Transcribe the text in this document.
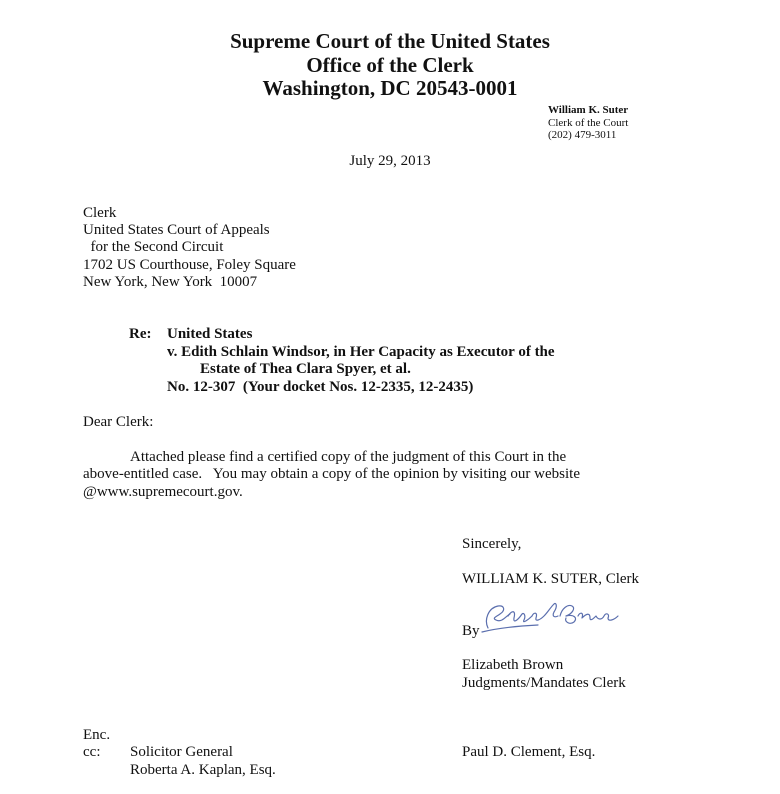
Supreme Court of the United States
Office of the Clerk
Washington, DC 20543-0001
William K. Suter
Clerk of the Court
(202) 479-3011
July 29, 2013
Clerk
United States Court of Appeals
for the Second Circuit
1702 US Courthouse, Foley Square
New York, New York  10007
Re: United States
v. Edith Schlain Windsor, in Her Capacity as Executor of the
Estate of Thea Clara Spyer, et al.
No. 12-307  (Your docket Nos. 12-2335, 12-2435)
Dear Clerk:
Attached please find a certified copy of the judgment of this Court in the
above-entitled case.   You may obtain a copy of the opinion by visiting our website
@www.supremecourt.gov.
Sincerely,
WILLIAM K. SUTER, Clerk
By
Elizabeth Brown
Judgments/Mandates Clerk
Enc.
cc: Solicitor General
Roberta A. Kaplan, Esq.
Paul D. Clement, Esq.
